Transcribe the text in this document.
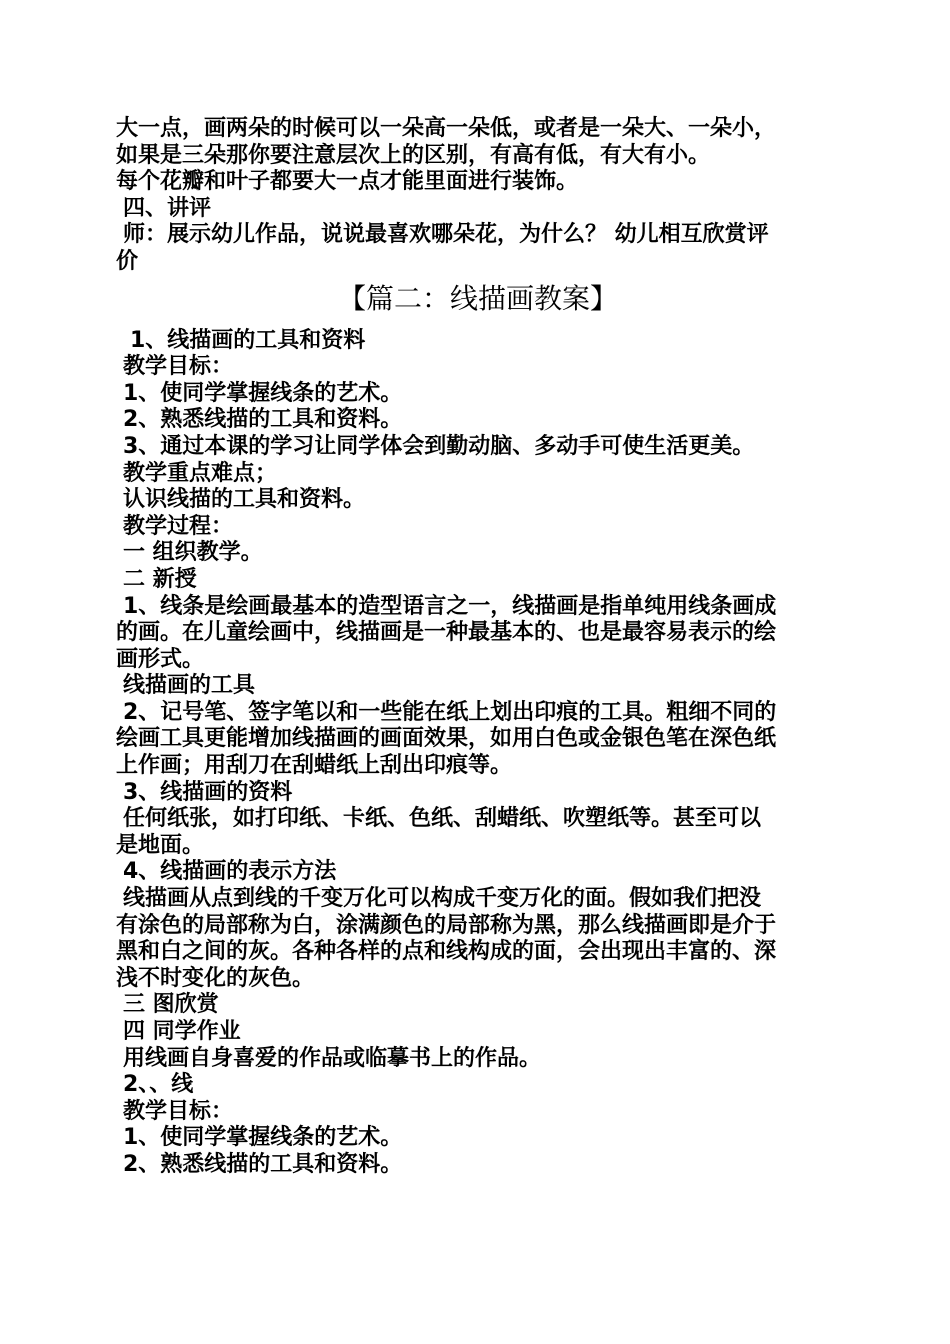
大一点，画两朵的时候可以一朵高一朵低，或者是一朵大、一朵小，
如果是三朵那你要注意层次上的区别，有高有低，有大有小。
每个花瓣和叶子都要大一点才能里面进行装饰。
四、讲评
师：展示幼儿作品，说说最喜欢哪朵花，为什么？ 幼儿相互欣赏评
价
【篇二：线描画教案】
1、线描画的工具和资料
教学目标：
1、使同学掌握线条的艺术。
2、熟悉线描的工具和资料。
3、通过本课的学习让同学体会到勤动脑、多动手可使生活更美。
教学重点难点；
认识线描的工具和资料。
教学过程：
一 组织教学。
二 新授
1、线条是绘画最基本的造型语言之一，线描画是指单纯用线条画成
的画。在儿童绘画中，线描画是一种最基本的、也是最容易表示的绘
画形式。
线描画的工具
2、记号笔、签字笔以和一些能在纸上划出印痕的工具。粗细不同的
绘画工具更能增加线描画的画面效果，如用白色或金银色笔在深色纸
上作画；用刮刀在刮蜡纸上刮出印痕等。
3、线描画的资料
任何纸张，如打印纸、卡纸、色纸、刮蜡纸、吹塑纸等。甚至可以
是地面。
4、线描画的表示方法
线描画从点到线的千变万化可以构成千变万化的面。假如我们把没
有涂色的局部称为白，涂满颜色的局部称为黑，那么线描画即是介于
黑和白之间的灰。各种各样的点和线构成的面，会出现出丰富的、深
浅不时变化的灰色。
三 图欣赏
四 同学作业
用线画自身喜爱的作品或临摹书上的作品。
2、、线
教学目标：
1、使同学掌握线条的艺术。
2、熟悉线描的工具和资料。
